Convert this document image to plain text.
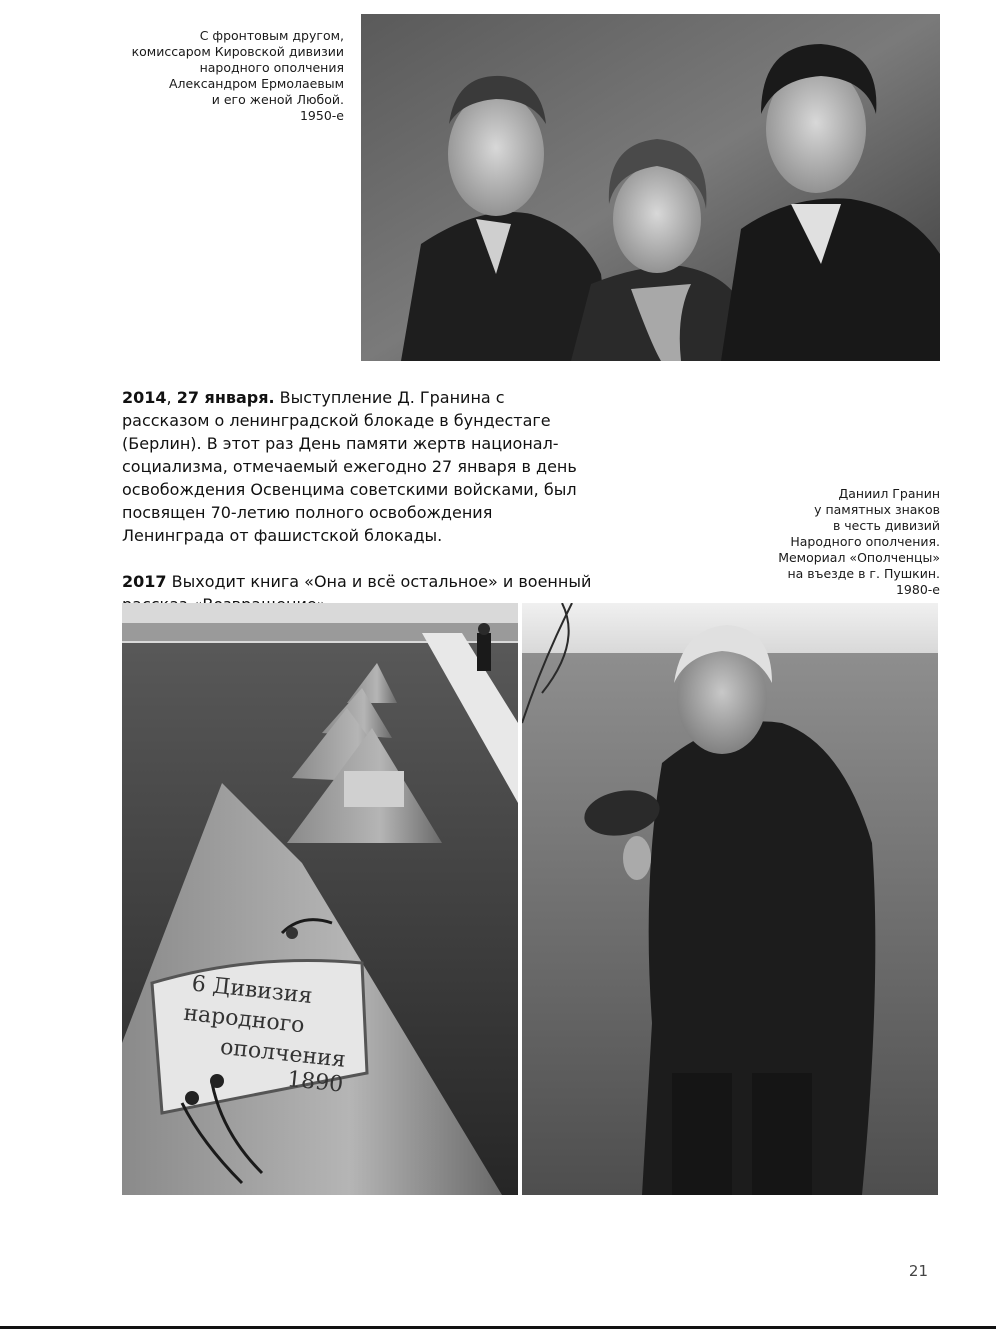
С фронтовым другом,
комиссаром Кировской дивизии
народного ополчения
Александром Ермолаевым
и его женой Любой.
1950-е

2014, 27 января. Выступление Д. Гранина с рассказом о ленинградской блокаде в бундестаге (Берлин). В этот раз День памяти жертв национал-социализма, отмечаемый ежегодно 27 января в день освобождения Освенцима советскими войсками, был посвящен 70-летию полного освобождения Ленинграда от фашистской блокады.

2017 Выходит книга «Она и всё остальное» и военный

Даниил Гранин
у памятных знаков
в честь дивизий
Народного ополчения.
Мемориал «Ополченцы»
на въезде в г. Пушкин.
1980-е
6 Дивизия
народного
ополчения
1890
21
